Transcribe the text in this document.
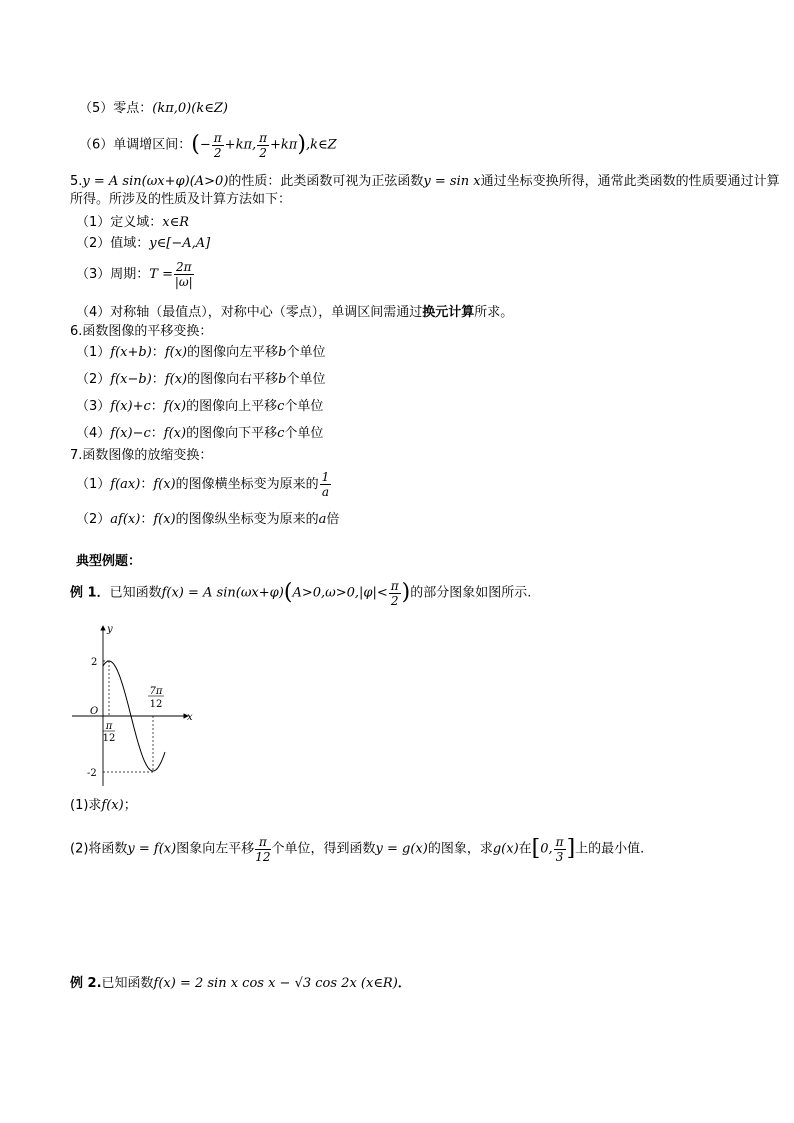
（5）零点：(kπ,0)(k∈Z)
（6）单调增区间：(− $\frac{\pi}{2} +k\pi$, $\frac{\pi}{2}$ +kπ),k∈Z
5.y = A sin(ωx+φ)(A>0)的性质：此类函数可视为正弦函数y = sin x通过坐标变换所得，通常此类函数的性质要通过计算所得。所涉及的性质及计算方法如下：
（1）定义域：x∈R
（2）值域：y∈[−A,A]
（3）周期：$T = \frac{2\pi}{|\omega|}$
（4）对称轴（最值点），对称中心（零点），单调区间需通过换元计算所求。
6.函数图像的平移变换：
（1）f(x+b)：f(x)的图像向左平移b个单位
（2）f(x−b)：f(x)的图像向右平移b个单位
（3）f(x)+c：f(x)的图像向上平移c个单位
（4）f(x)−c：f(x)的图像向下平移c个单位
7.函数图像的放缩变换：
（1）f(ax)：f(x)的图像横坐标变为原来的 $\frac{1}{a}$
（2）af(x)：f(x)的图像纵坐标变为原来的a倍
典型例题：
例 1．已知函数f(x) = A $\sin(\omega x+\varphi)(A>0,\omega>0,|\varphi|< \frac{\pi}{2}$ )的部分图象如图所示.
y
x
O
2
-2
π
12
7π
12
(1)求f(x)；
(2)将函数y = f(x)图象向左平移 $\frac{\pi}{12}$ 个单位，得到函数y = g(x)的图象，求g(x)在[0, $\frac{\pi}{3}$ ]上的最小值.
例 2.已知函数f(x) = 2 sin x cos x − √3 cos 2x (x∈R)．
